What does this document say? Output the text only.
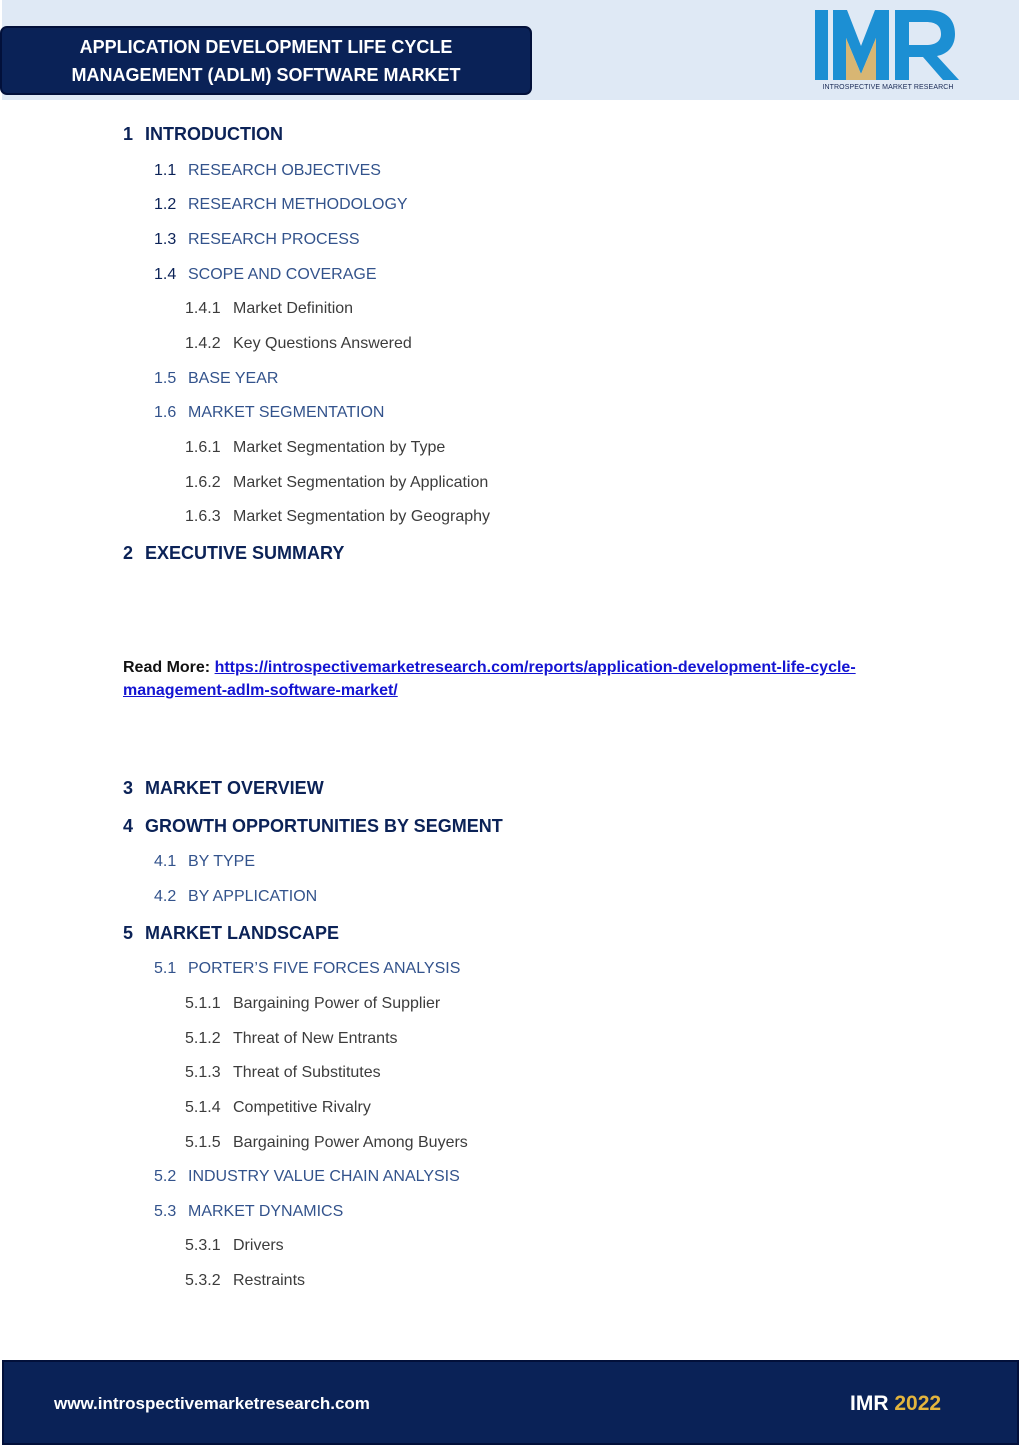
APPLICATION DEVELOPMENT LIFE CYCLE
MANAGEMENT (ADLM) SOFTWARE MARKET
INTROSPECTIVE MARKET RESEARCH
1 INTRODUCTION
1.1 RESEARCH OBJECTIVES
1.2 RESEARCH METHODOLOGY
1.3 RESEARCH PROCESS
1.4 SCOPE AND COVERAGE
1.4.1 Market Definition
1.4.2 Key Questions Answered
1.5 BASE YEAR
1.6 MARKET SEGMENTATION
1.6.1 Market Segmentation by Type
1.6.2 Market Segmentation by Application
1.6.3 Market Segmentation by Geography
2 EXECUTIVE SUMMARY
3 MARKET OVERVIEW
4 GROWTH OPPORTUNITIES BY SEGMENT
4.1 BY TYPE
4.2 BY APPLICATION
5 MARKET LANDSCAPE
5.1 PORTER’S FIVE FORCES ANALYSIS
5.1.1 Bargaining Power of Supplier
5.1.2 Threat of New Entrants
5.1.3 Threat of Substitutes
5.1.4 Competitive Rivalry
5.1.5 Bargaining Power Among Buyers
5.2 INDUSTRY VALUE CHAIN ANALYSIS
5.3 MARKET DYNAMICS
5.3.1 Drivers
5.3.2 Restraints
Read More: https://introspectivemarketresearch.com/reports/application-development-life-cycle-management-adlm-software-market/
www.introspectivemarketresearch.com	IMR 2022
